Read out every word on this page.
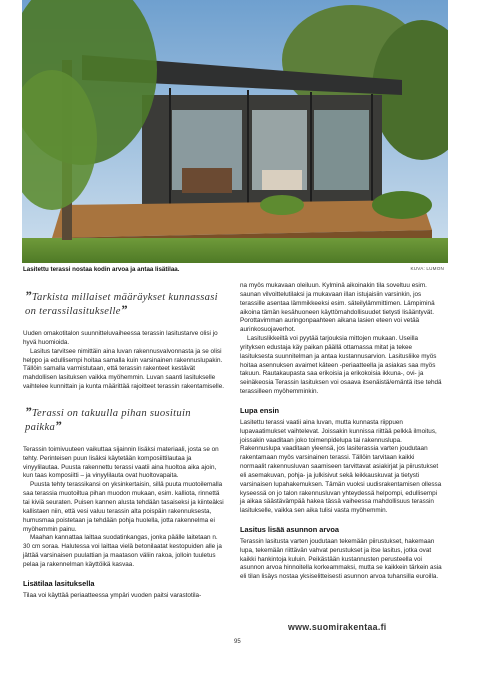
Lasitettu terassi nostaa kodin arvoa ja antaa lisätilaa.	KUVA: LUMON
”Tarkista millaiset määräykset kunnassasi on terassilasitukselle”

Uuden omakotitalon suunnitteluvaiheessa terassin lasitustarve olisi jo hyvä huomioida.

Lasitus tarvitsee nimittäin aina luvan rakennusvalvonnasta ja se olisi helppo ja edullisempi hoitaa samalla kuin varsinainen rakennuslupakin. Tällöin samalla varmistutaan, että terassin rakenteet kestävät mahdollisen lasituksen vaikka myöhemmin. Luvan saanti lasitukselle vaihtelee kunnittain ja kunta määrittää rajoitteet terassin rakentamiselle.

”Terassi on takuulla pihan suosituin paikka”

Terassin toimivuuteen vaikuttaa sijainnin lisäksi materiaali, josta se on tehty. Perinteisen puun lisäksi käytetään komposiittilautaa ja vinyylilautaa. Puusta rakennettu terassi vaatii aina huoltoa aika ajoin, kun taas komposiitti – ja vinyylilauta ovat huoltovapaita.

Puusta tehty terassikansi on yksinkertaisin, sillä puuta muotoilemalla saa terassia muotoiltua pihan muodon mukaan, esim. kalliota, rinnettä tai kiviä seuraten. Puisen kannen alusta tehdään tasaiseksi ja kiinteäksi kallistaen niin, että vesi valuu terassin alta poispäin rakennuksesta, humusmaa poistetaan ja tehdään pohja huolella, jotta rakennelma ei myöhemmin painu.

Maahan kannattaa laittaa suodatinkangas, jonka päälle laitetaan n. 30 cm soraa. Halutessa voi laittaa vielä betonilaatat kestopuiden alle ja jättää varsinaisen puulattian ja maatason väliin rakoa, jolloin tuuletus pelaa ja rakennelman käyttöikä kasvaa.

Lisätilaa lasituksella

Tilaa voi käyttää periaatteessa ympäri vuoden paitsi varastotila-

na myös mukavaan oleiluun. Kylminä aikoinakin tila soveltuu esim. saunan vilvoittelutilaksi ja mukavaan illan istujaisiin varsinkin, jos terassille asentaa lämmikkeeksi esim. säteilylämmittimen. Lämpiminä aikoina tämän kesähuoneen käyttömahdollisuudet tietysti lisääntyvät. Porottavimman auringonpaahteen aikana lasien eteen voi vetää aurinkosuojaverhot.

Lasituslikkeiltä voi pyytää tarjouksia mittojen mukaan. Useilla yrityksen edustaja käy paikan päällä ottamassa mitat ja tekee lasituksesta suunnitelman ja antaa kustannusarvion. Lasitusliike myös hoitaa asennuksen avaimet käteen -periaatteella ja asiakas saa myös takuun. Rautakaupasta saa erikoisia ja erikokoisia ikkuna-, ovi- ja seinäkeosia Terassin lasituksen voi osaava itsenäistä/emäntä itse tehdä terassilleen myöhemminkin.

Lupa ensin

Lasitettu terassi vaatii aina luvan, mutta kunnasta riippuen lupavaatimukset vaihtelevat. Joissakin kunnissa riittää pelkkä ilmoitus, joissakin vaaditaan joko toimenpidelupa tai rakennuslupa. Rakennuslupa vaaditaan yleensä, jos lasiterassia varten joudutaan rakentamaan myös varsinainen terassi. Tällöin tarvitaan kaikki normaalit rakennusluvan saamiseen tarvittavat asiakirjat ja piirustukset eli asemakuvan, pohja- ja julkisivut sekä leikkauskuvat ja tietysti varsinaisen lupahakemuksen. Tämän vuoksi uudisrakentamisen ollessa kyseessä on jo talon rakennusluvan yhteydessä helpompi, edullisempi ja aikaa säästävämpää hakea tässä vaiheessa mahdollisuus terassin lasitukselle, vaikka sen aika tulisi vasta myöhemmin.

Lasitus lisää asunnon arvoa

Terassin lasitusta varten joudutaan tekemään piirustukset, hakemaan lupa, tekemään riittävän vahvat perustukset ja itse lasitus, jotka ovat kaikki hankintoja kuluin. Peikästään kustannusten perusteella voi asunnon arvoa hinnoitella korkeammaksi, mutta se kaikkein tärkein asia eli tilan lisäys nostaa yksiselitteisesti asunnon arvoa tuhansilla euroilla.

www.suomirakentaa.fi
95
